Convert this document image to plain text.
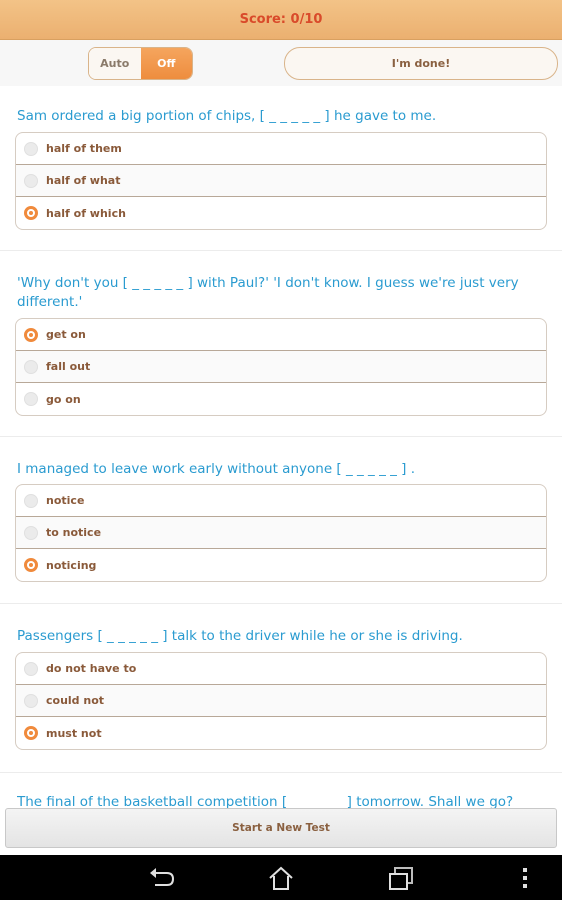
Score: 0/10
Auto	Off	I'm done!
Sam ordered a big portion of chips, [ _ _ _ _ _ ] he gave to me.
half of them
half of what
half of which
'Why don't you [ _ _ _ _ _ ] with Paul?' 'I don't know. I guess we're just very different.'
get on
fall out
go on
I managed to leave work early without anyone [ _ _ _ _ _ ] .
notice
to notice
noticing
Passengers [ _ _ _ _ _ ] talk to the driver while he or she is driving.
do not have to
could not
must not
The final of the basketball competition [ _ _ _ _ _ ] tomorrow. Shall we go?
Start a New Test
